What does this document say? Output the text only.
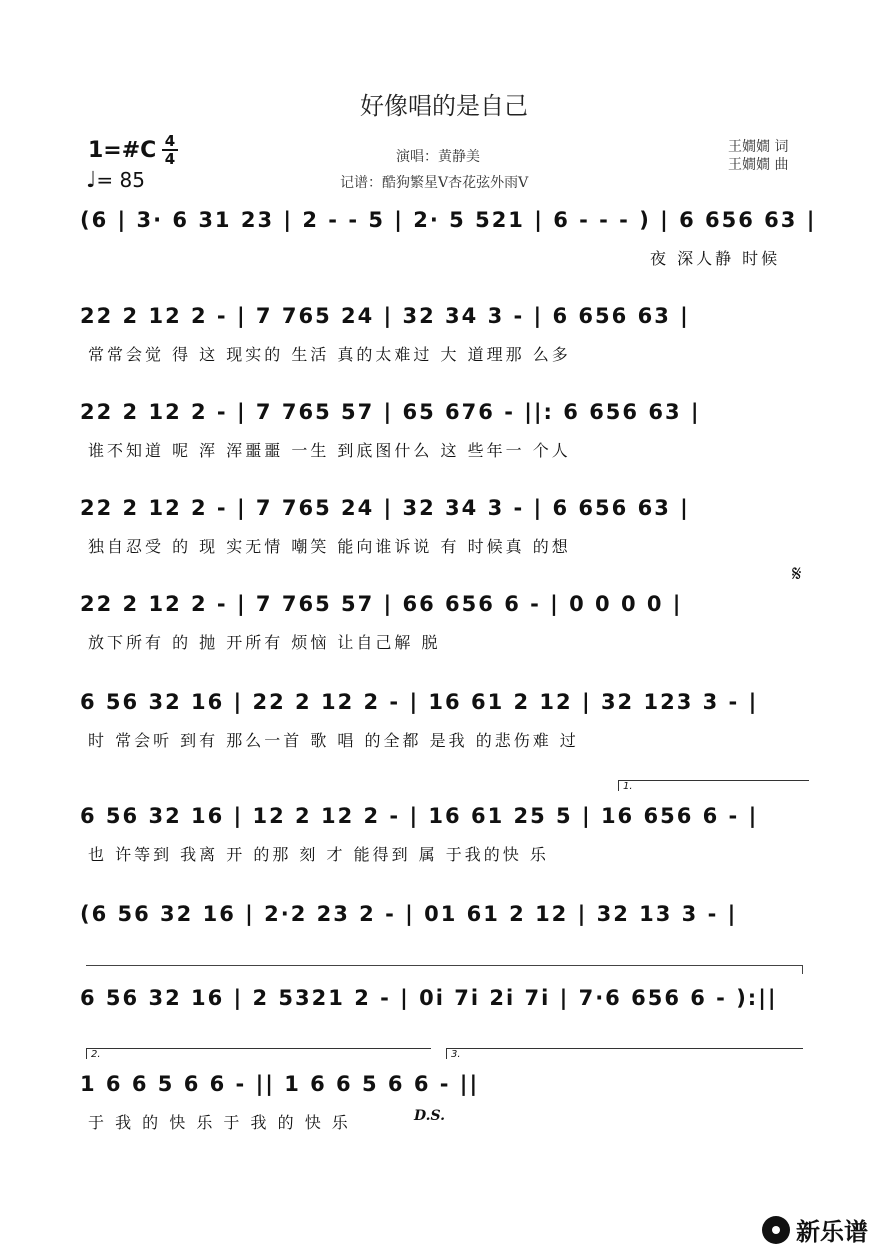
好像唱的是自己
1=#C 4
4
♩= 85
演唱：黄静美
记谱：酷狗繁星V杏花弦外雨V
王嫺嫺 词
王嫺嫺 曲
(6 | 3· 6 31 23 | 2 - - 5 | 2· 5 521 | 6 - - - ) | 6 656 63 |
夜 深人静 时候
22 2 12 2 - | 7 765 24 | 32 34 3 - | 6 656 63 |
常常会觉 得 这 现实的 生活 真的太难过 大 道理那 么多
22 2 12 2 - | 7 765 57 | 65 676 - ||: 6 656 63 |
谁不知道 呢 浑 浑噩噩 一生 到底图什么 这 些年一 个人
22 2 12 2 - | 7 765 24 | 32 34 3 - | 6 656 63 |
独自忍受 的 现 实无情 嘲笑 能向谁诉说 有 时候真 的想
𝄋
22 2 12 2 - | 7 765 57 | 66 656 6 - | 0 0 0 0 |
放下所有 的 抛 开所有 烦恼 让自己解 脱
6 56 32 16 | 22 2 12 2 - | 16 61 2 12 | 32 123 3 - |
时 常会听 到有 那么一首 歌 唱 的全都 是我 的悲伤难 过
1.
6 56 32 16 | 12 2 12 2 - | 16 61 25 5 | 16 656 6 - |
也 许等到 我离 开 的那 刻 才 能得到 属 于我的快 乐
(6 56 32 16 | 2·2 23 2 - | 01 61 2 12 | 32 13 3 - |
6 56 32 16 | 2 5321 2 - | 0i 7i 2i 7i | 7·6 656 6 - ):||
2.	3.
1 6 6 5 6 6 - || 1 6 6 5 6 6 - ||
于 我 的 快 乐 于 我 的 快 乐	D.S.
新乐谱
